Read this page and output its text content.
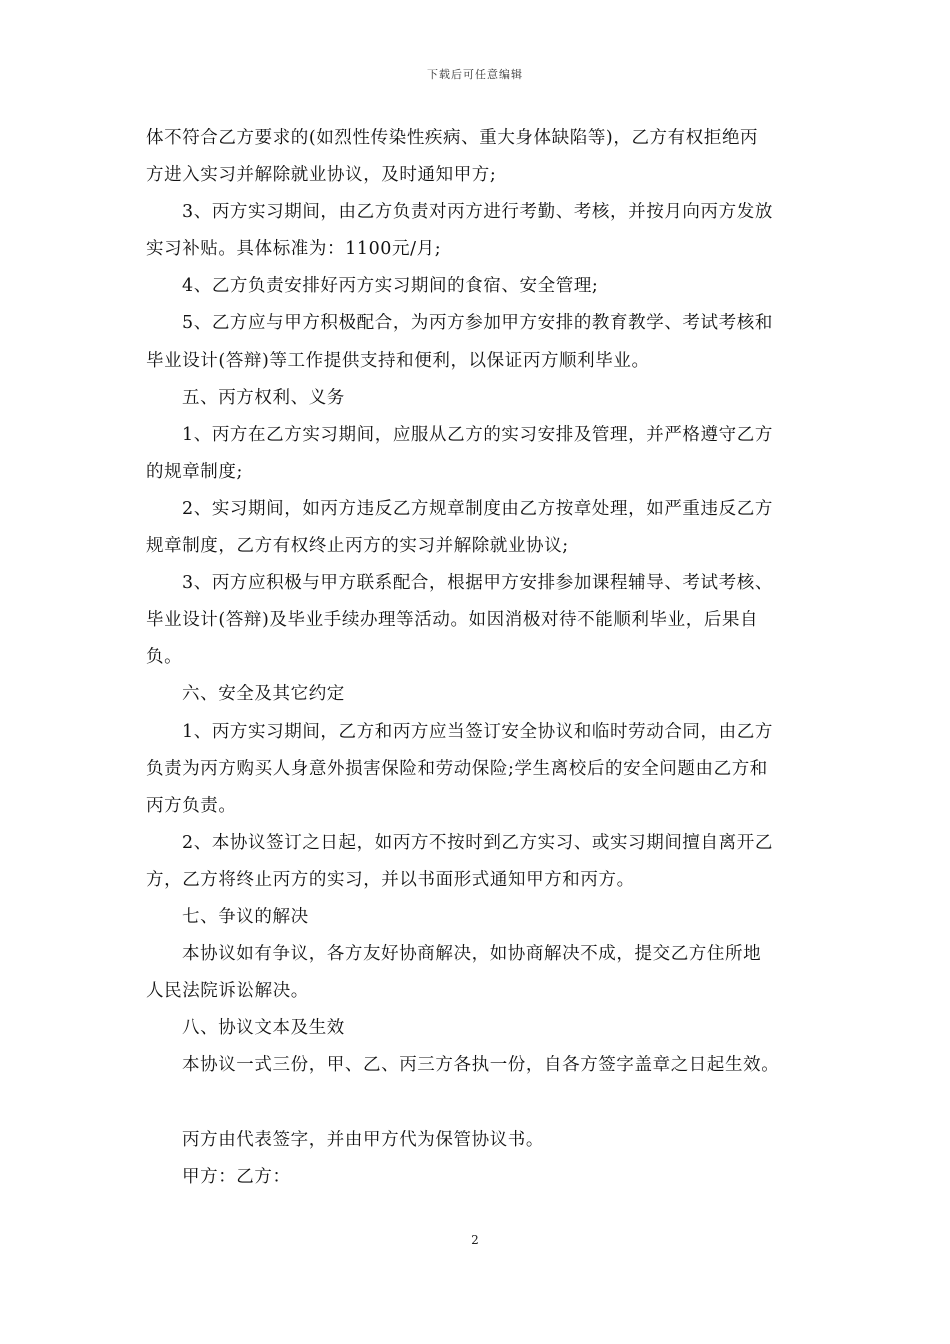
下载后可任意编辑
体不符合乙方要求的(如烈性传染性疾病、重大身体缺陷等)，乙方有权拒绝丙
方进入实习并解除就业协议，及时通知甲方;
3、丙方实习期间，由乙方负责对丙方进行考勤、考核，并按月向丙方发放
实习补贴。具体标准为：1100元/月;
4、乙方负责安排好丙方实习期间的食宿、安全管理;
5、乙方应与甲方积极配合，为丙方参加甲方安排的教育教学、考试考核和
毕业设计(答辩)等工作提供支持和便利，以保证丙方顺利毕业。
五、丙方权利、义务
1、丙方在乙方实习期间，应服从乙方的实习安排及管理，并严格遵守乙方
的规章制度;
2、实习期间，如丙方违反乙方规章制度由乙方按章处理，如严重违反乙方
规章制度，乙方有权终止丙方的实习并解除就业协议;
3、丙方应积极与甲方联系配合，根据甲方安排参加课程辅导、考试考核、
毕业设计(答辩)及毕业手续办理等活动。如因消极对待不能顺利毕业，后果自
负。
六、安全及其它约定
1、丙方实习期间，乙方和丙方应当签订安全协议和临时劳动合同，由乙方
负责为丙方购买人身意外损害保险和劳动保险;学生离校后的安全问题由乙方和
丙方负责。
2、本协议签订之日起，如丙方不按时到乙方实习、或实习期间擅自离开乙
方，乙方将终止丙方的实习，并以书面形式通知甲方和丙方。
七、争议的解决
本协议如有争议，各方友好协商解决，如协商解决不成，提交乙方住所地
人民法院诉讼解决。
八、协议文本及生效
本协议一式三份，甲、乙、丙三方各执一份，自各方签字盖章之日起生效。
丙方由代表签字，并由甲方代为保管协议书。
甲方：乙方：
2
